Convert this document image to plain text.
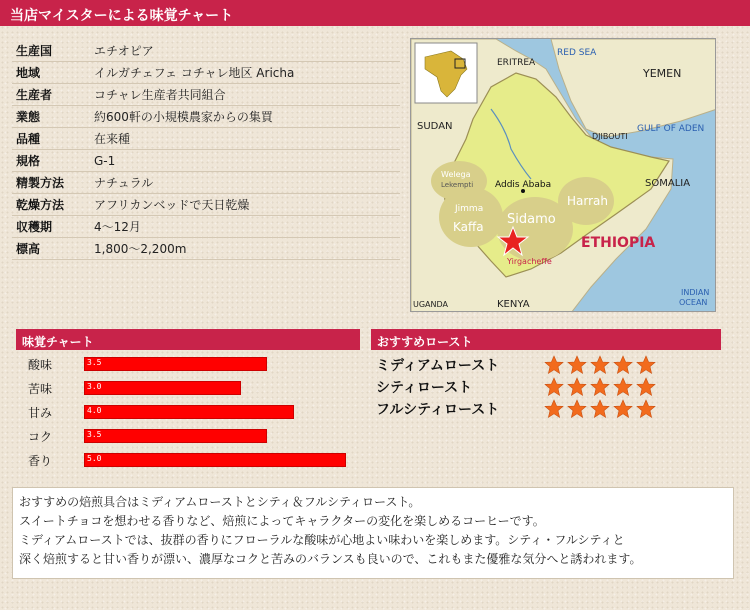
当店マイスターによる味覚チャート
生産国	エチオピア
地域	イルガチェフェ コチャレ地区 Aricha
生産者	コチャレ生産者共同組合
業態	約600軒の小規模農家からの集買
品種	在来種
規格	G-1
精製方法	ナチュラル
乾燥方法	アフリカンベッドで天日乾燥
収穫期	4〜12月
標高	1,800〜2,200m
ERITREA
RED SEA
YEMEN
SUDAN
DJIBOUTI
GULF OF ADEN
SOMALIA
Welega
Lekempti Addis Ababa
Harrah
Jimma
Kaffa Sidamo
ETHIOPIA
Yirgacheffe
UGANDA	KENYA
INDIAN
OCEAN
味覚チャート
酸味	3.5
苦味	3.0
甘み	4.0
コク	3.5
香り	5.0
おすすめロースト
ミディアムロースト
シティロースト
フルシティロースト

おすすめの焙煎具合はミディアムローストとシティ＆フルシティロースト。

スイートチョコを想わせる香りなど、焙煎によってキャラクターの変化を楽しめるコーヒーです。

ミディアムローストでは、抜群の香りにフローラルな酸味が心地よい味わいを楽しめます。シティ・フルシティと

深く焙煎すると甘い香りが漂い、濃厚なコクと苦みのバランスも良いので、これもまた優雅な気分へと誘われます。
